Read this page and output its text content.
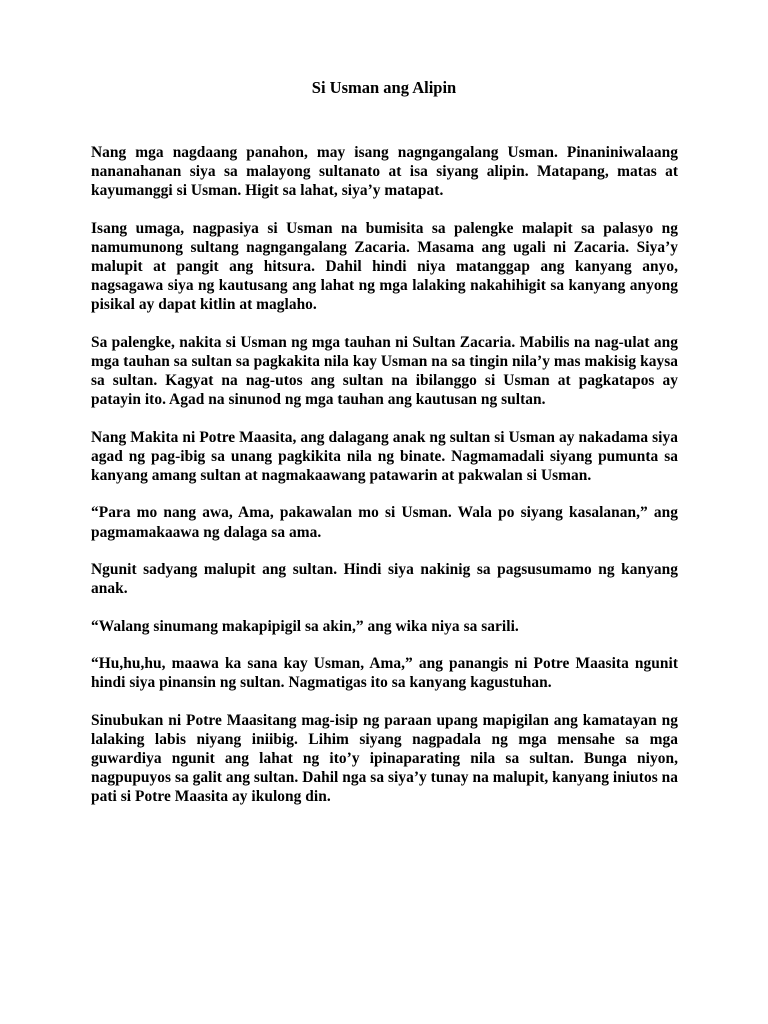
Si Usman ang Alipin

Nang mga nagdaang panahon, may isang nagngangalang Usman. Pinaniniwalaang nananahanan siya sa malayong sultanato at isa siyang alipin. Matapang, matas at kayumanggi si Usman. Higit sa lahat, siya’y matapat.

Isang umaga, nagpasiya si Usman na bumisita sa palengke malapit sa palasyo ng namumunong sultang nagngangalang Zacaria. Masama ang ugali ni Zacaria. Siya’y malupit at pangit ang hitsura. Dahil hindi niya matanggap ang kanyang anyo, nagsagawa siya ng kautusang ang lahat ng mga lalaking nakahihigit sa kanyang anyong pisikal ay dapat kitlin at maglaho.

Sa palengke, nakita si Usman ng mga tauhan ni Sultan Zacaria. Mabilis na nag-ulat ang mga tauhan sa sultan sa pagkakita nila kay Usman na sa tingin nila’y mas makisig kaysa sa sultan. Kagyat na nag-utos ang sultan na ibilanggo si Usman at pagkatapos ay patayin ito. Agad na sinunod ng mga tauhan ang kautusan ng sultan.

Nang Makita ni Potre Maasita, ang dalagang anak ng sultan si Usman ay nakadama siya agad ng pag-ibig sa unang pagkikita nila ng binate. Nagmamadali siyang pumunta sa kanyang amang sultan at nagmakaawang patawarin at pakwalan si Usman.

“Para mo nang awa, Ama, pakawalan mo si Usman. Wala po siyang kasalanan,” ang pagmamakaawa ng dalaga sa ama.

Ngunit sadyang malupit ang sultan. Hindi siya nakinig sa pagsusumamo ng kanyang anak.

“Walang sinumang makapipigil sa akin,” ang wika niya sa sarili.

“Hu,hu,hu, maawa ka sana kay Usman, Ama,” ang panangis ni Potre Maasita ngunit hindi siya pinansin ng sultan. Nagmatigas ito sa kanyang kagustuhan.

Sinubukan ni Potre Maasitang mag-isip ng paraan upang mapigilan ang kamatayan ng lalaking labis niyang iniibig. Lihim siyang nagpadala ng mga mensahe sa mga guwardiya ngunit ang lahat ng ito’y ipinaparating nila sa sultan. Bunga niyon, nagpupuyos sa galit ang sultan. Dahil nga sa siya’y tunay na malupit, kanyang iniutos na pati si Potre Maasita ay ikulong din.
